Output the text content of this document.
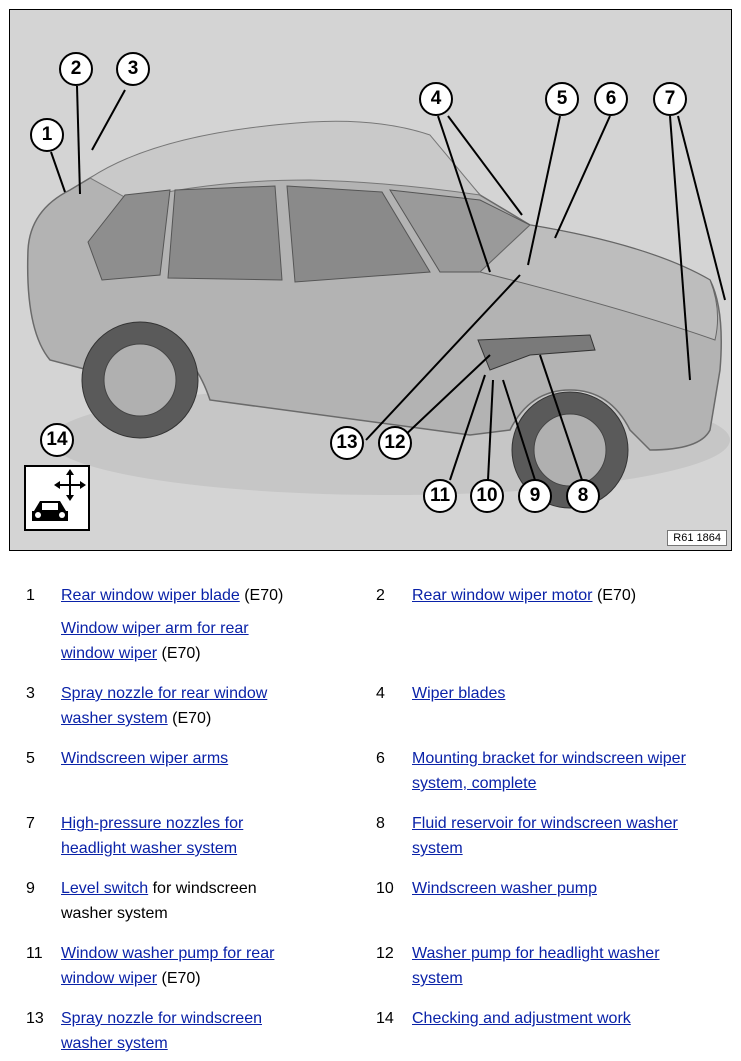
1
2	3
4	5	6	7
8
9
10
11
12
13
14
R61 1864
1	Rear window wiper blade (E70)
Window wiper arm for rear
window wiper (E70)
2	Rear window wiper motor (E70)
3	Spray nozzle for rear window
washer system (E70)
4	Wiper blades
5	Windscreen wiper arms	6	Mounting bracket for windscreen wiper
system, complete
7	High-pressure nozzles for
headlight washer system
8	Fluid reservoir for windscreen washer
system
9	Level switch for windscreen
washer system
10	Windscreen washer pump
11	Window washer pump for rear
window wiper (E70)
12	Washer pump for headlight washer
system
13	Spray nozzle for windscreen
washer system
14	Checking and adjustment work
